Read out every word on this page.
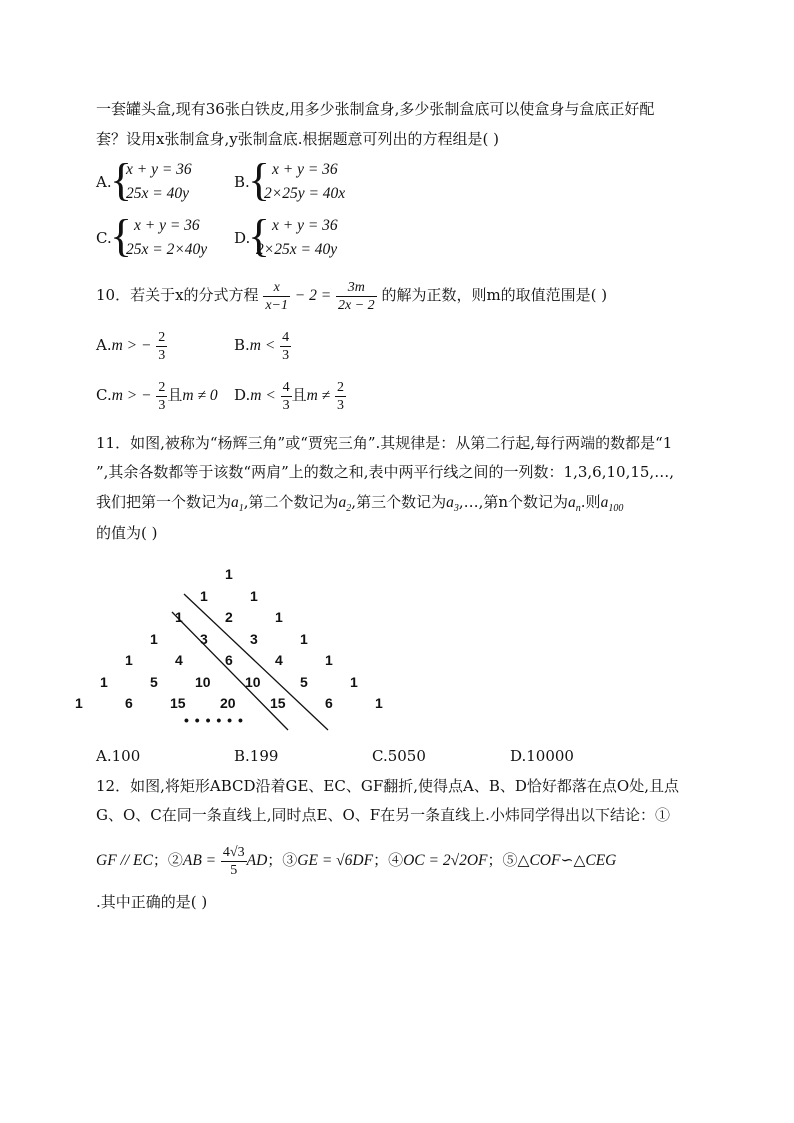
一套罐头盒,现有36张白铁皮,用多少张制盒身,多少张制盒底可以使盒身与盒底正好配
套？设用x张制盒身,y张制盒底.根据题意可列出的方程组是( )
A.
{
x + y = 36
25x = 40y
B.
{ x + y = 36
2×25y = 40x
C.
{ x + y = 36
25x = 2×40y
D.
{ x + y = 36
2×25x = 40y
10．若关于x的分式方程 $\frac{x}{x-1} - 2 = \frac{3m}{2x - 2}$ 的解为正数，则m的取值范围是( )
A.m > − $\frac{2}{3}$	$B.m < \frac{4}{3}$
C.m > − $\frac{2}{3}$ 且m ≠ 0 $D.m < \frac{4}{3}$ 且$m \ne \frac{2}{3}$
11．如图,被称为“杨辉三角”或“贾宪三角”.其规律是：从第二行起,每行两端的数都是“1
”,其余各数都等于该数“两肩”上的数之和,表中两平行线之间的一列数：1,3,6,10,15,…,
我们把第一个数记为$a_1$,第二个数记为$a_2$,第三个数记为$a_3,\dots$,第n个数记为$a_n$.则$a_{100}$
的值为( )
1
1	1
1	2	1
1	3	3	1
1	4	6	4	1
1	5	10 10	5	1
1	6	15 20 15	6	1
• • • • • •
A.100	B.199	C.5050	D.10000
12．如图,将矩形ABCD沿着GE、EC、GF翻折,使得点A、B、D恰好都落在点O处,且点
G、O、C在同一条直线上,同时点E、O、F在另一条直线上.小炜同学得出以下结论：①
GF // EC；②AB = $\frac{4√3}{5}$ AD；③GE = √6DF；④OC = 2√2OF；⑤△COF∽△CEG
.其中正确的是( )
